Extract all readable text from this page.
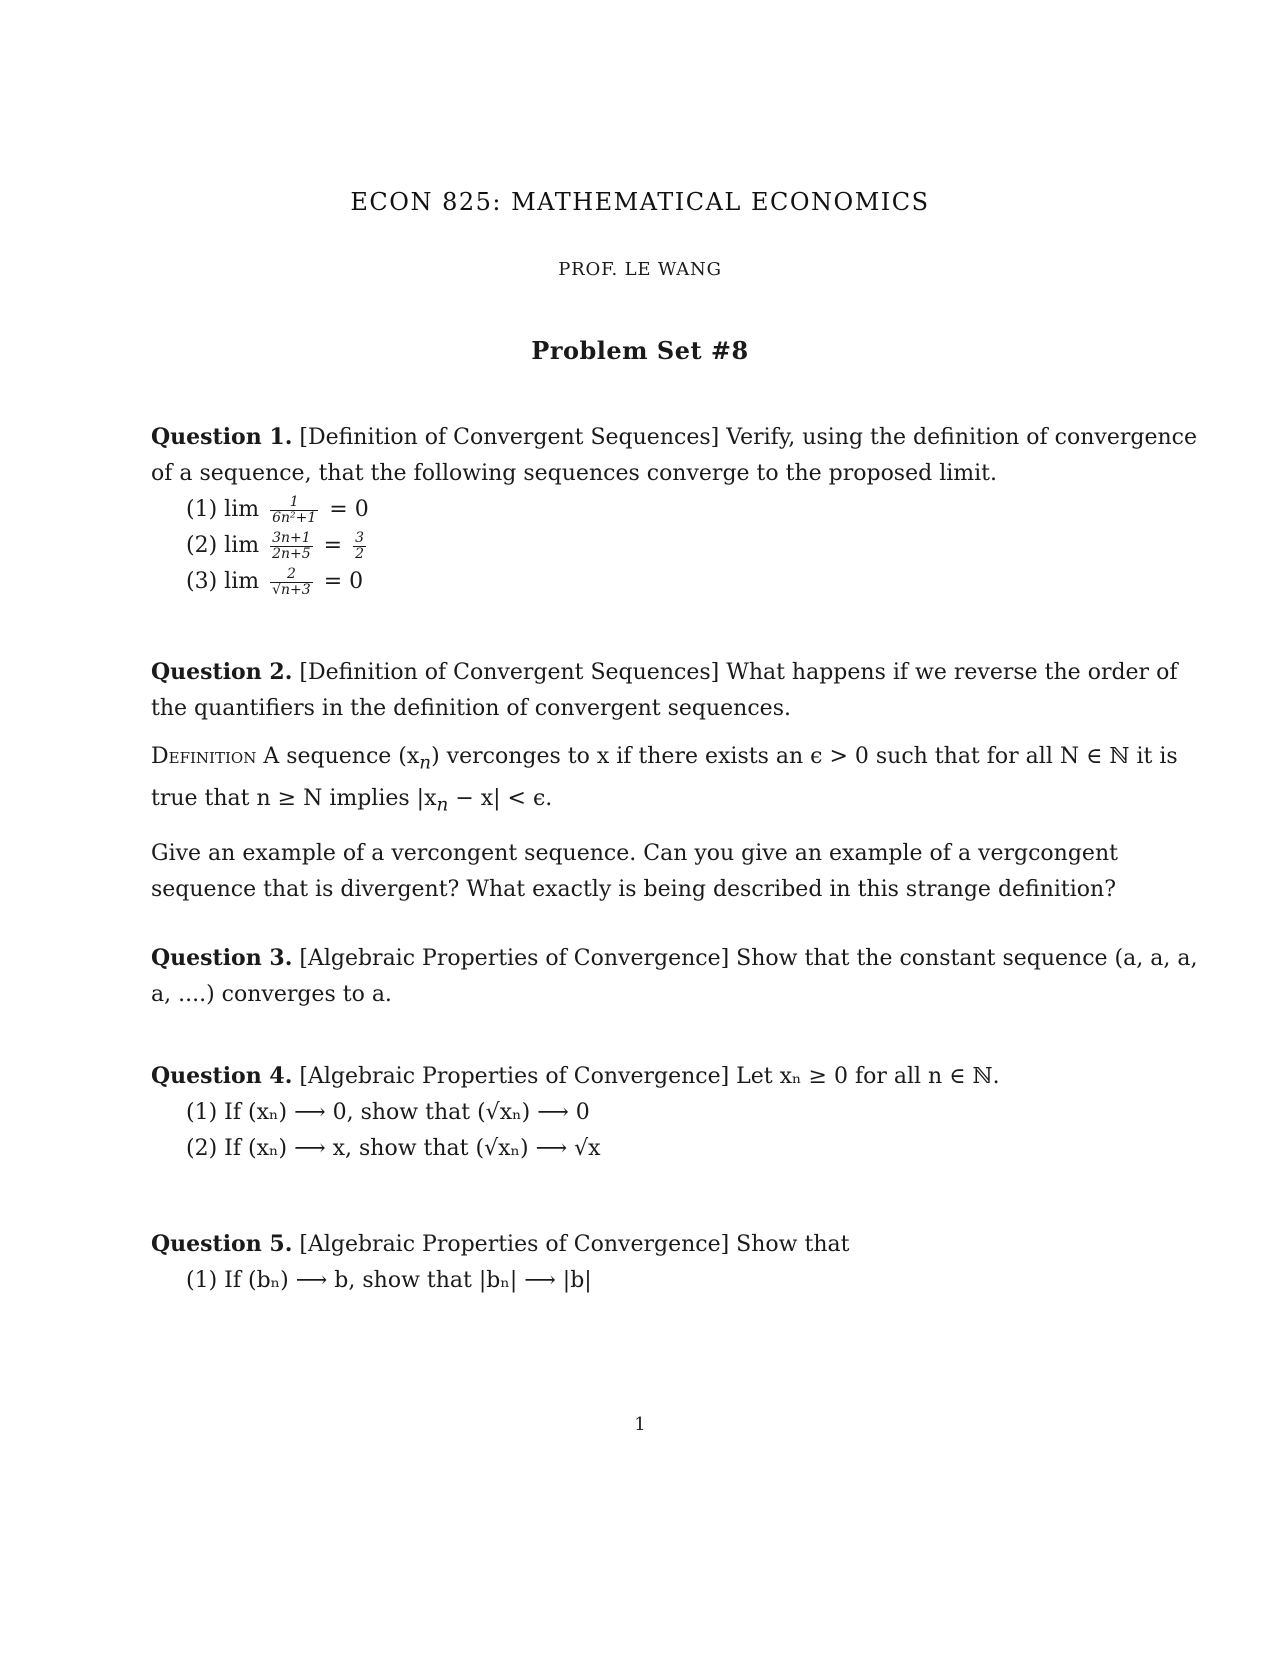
ECON 825: MATHEMATICAL ECONOMICS
PROF. LE WANG
Problem Set #8

Question 1. [Definition of Convergent Sequences] Verify, using the definition of convergence of a sequence, that the following sequences converge to the proposed limit.

(1) $\lim \frac{1}{\text{6n²+1}} = 0$
(2) $\lim \frac{3n+1}{2n+5} = \frac{3}{2}$
(3) $\lim \frac{2}{√n+3} = 0$

Question 2. [Definition of Convergent Sequences] What happens if we reverse the order of the quantifiers in the definition of convergent sequences.

Definition A sequence $(x_n)$ verconges to x if there exists an ϵ > 0 such that for all N ∈ ℕ it is true that n ≥ N implies $|x_n - x| < \epsilon$.

Give an example of a vercongent sequence. Can you give an example of a vergcongent sequence that is divergent? What exactly is being described in this strange definition?

Question 3. [Algebraic Properties of Convergence] Show that the constant sequence (a, a, a, a, ....) converges to a.

Question 4. [Algebraic Properties of Convergence] Let xₙ ≥ 0 for all n ∈ ℕ.

(1) If (xₙ) ⟶ 0, show that (√xₙ) ⟶ 0
(2) If (xₙ) ⟶ x, show that (√xₙ) ⟶ √x

Question 5. [Algebraic Properties of Convergence] Show that

(1) If (bₙ) ⟶ b, show that |bₙ| ⟶ |b|
1
